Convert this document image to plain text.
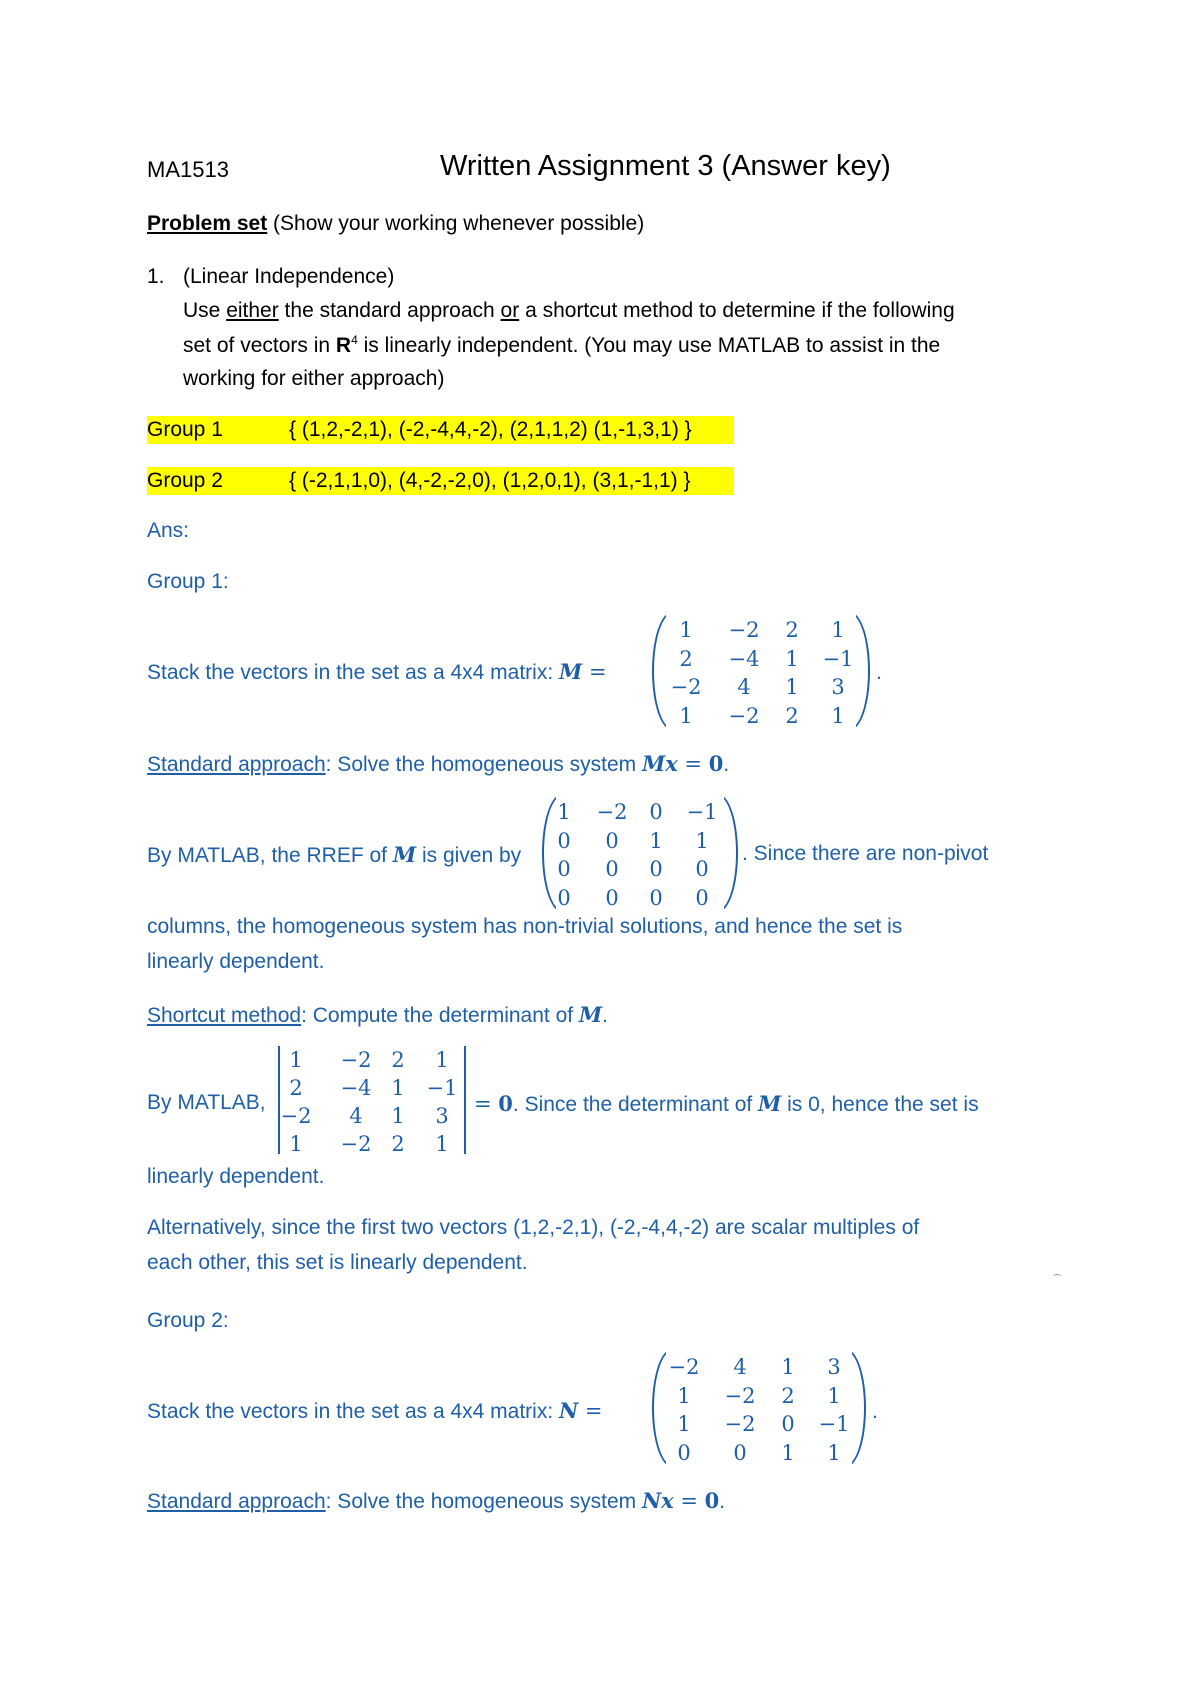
MA1513	Written Assignment 3 (Answer key)
Problem set (Show your working whenever possible)
1. (Linear Independence)
Use either the standard approach or a shortcut method to determine if the following
set of vectors in $R^4$ is linearly independent. (You may use MATLAB to assist in the
working for either approach)
Group 1	{ (1,2,-2,1), (-2,-4,4,-2), (2,1,1,2) (1,-1,3,1) }
Group 2	{ (-2,1,1,0), (4,-2,-2,0), (1,2,0,1), (3,1,-1,1) }
Ans:
Group 1:
Stack the vectors in the set as a 4x4 matrix: M =
1	−2	2	1
2	−4	1	−1
−2	4	1	3
1	−2	2	1
.
Standard approach: Solve the homogeneous system Mx = 0.
By MATLAB, the RREF of M is given by
1	−2	0	−1
0	0	1	1
0	0	0	0
0	0	0	0
. Since there are non-pivot
columns, the homogeneous system has non-trivial solutions, and hence the set is
linearly dependent.
Shortcut method: Compute the determinant of M.
By MATLAB,
1	−2 2	1
2	−4 1	−1
−2	4	1	3
1	−2 2	1
= 0. Since the determinant of M is 0, hence the set is
linearly dependent.
Alternatively, since the first two vectors (1,2,-2,1), (-2,-4,4,-2) are scalar multiples of
each other, this set is linearly dependent.
Group 2:
Stack the vectors in the set as a 4x4 matrix: N =
−2	4	1	3
1	−2	2	1
1	−2	0	−1
0	0	1	1
.
Standard approach: Solve the homogeneous system Nx = 0.
